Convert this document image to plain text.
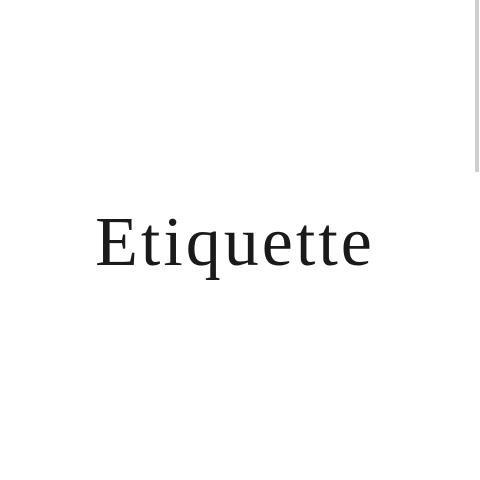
Etiquette
